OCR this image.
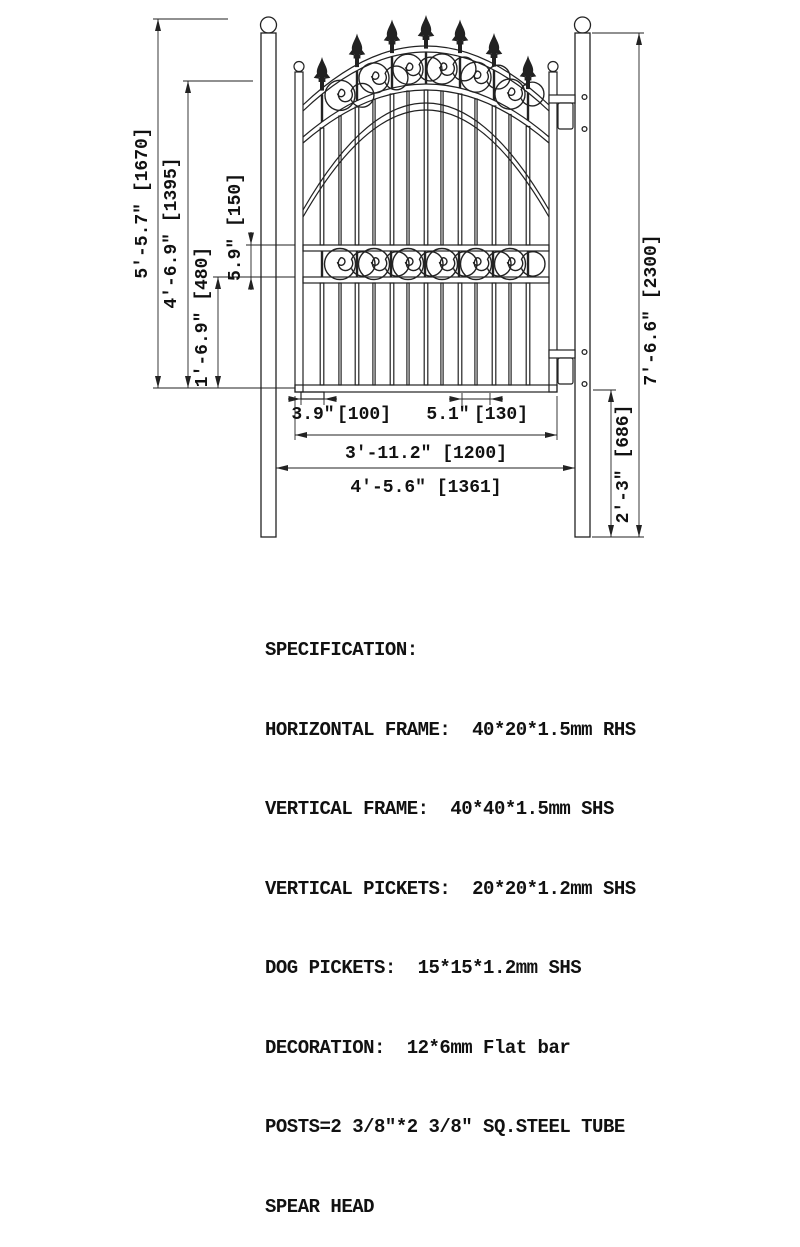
5'-5.7" [1670] 4'-6.9" [1395] 5.9" [150]
1'-6.9" [480]	7'-6.6" [2300]
2'-3" [686]
3.9" [100] 5.1" [130]
3'-11.2" [1200]
4'-5.6" [1361]

SPECIFICATION:

HORIZONTAL FRAME:  40*20*1.5mm RHS

VERTICAL FRAME:  40*40*1.5mm SHS

VERTICAL PICKETS:  20*20*1.2mm SHS

DOG PICKETS:  15*15*1.2mm SHS

DECORATION:  12*6mm Flat bar

POSTS=2 3/8"*2 3/8" SQ.STEEL TUBE

SPEAR HEAD
